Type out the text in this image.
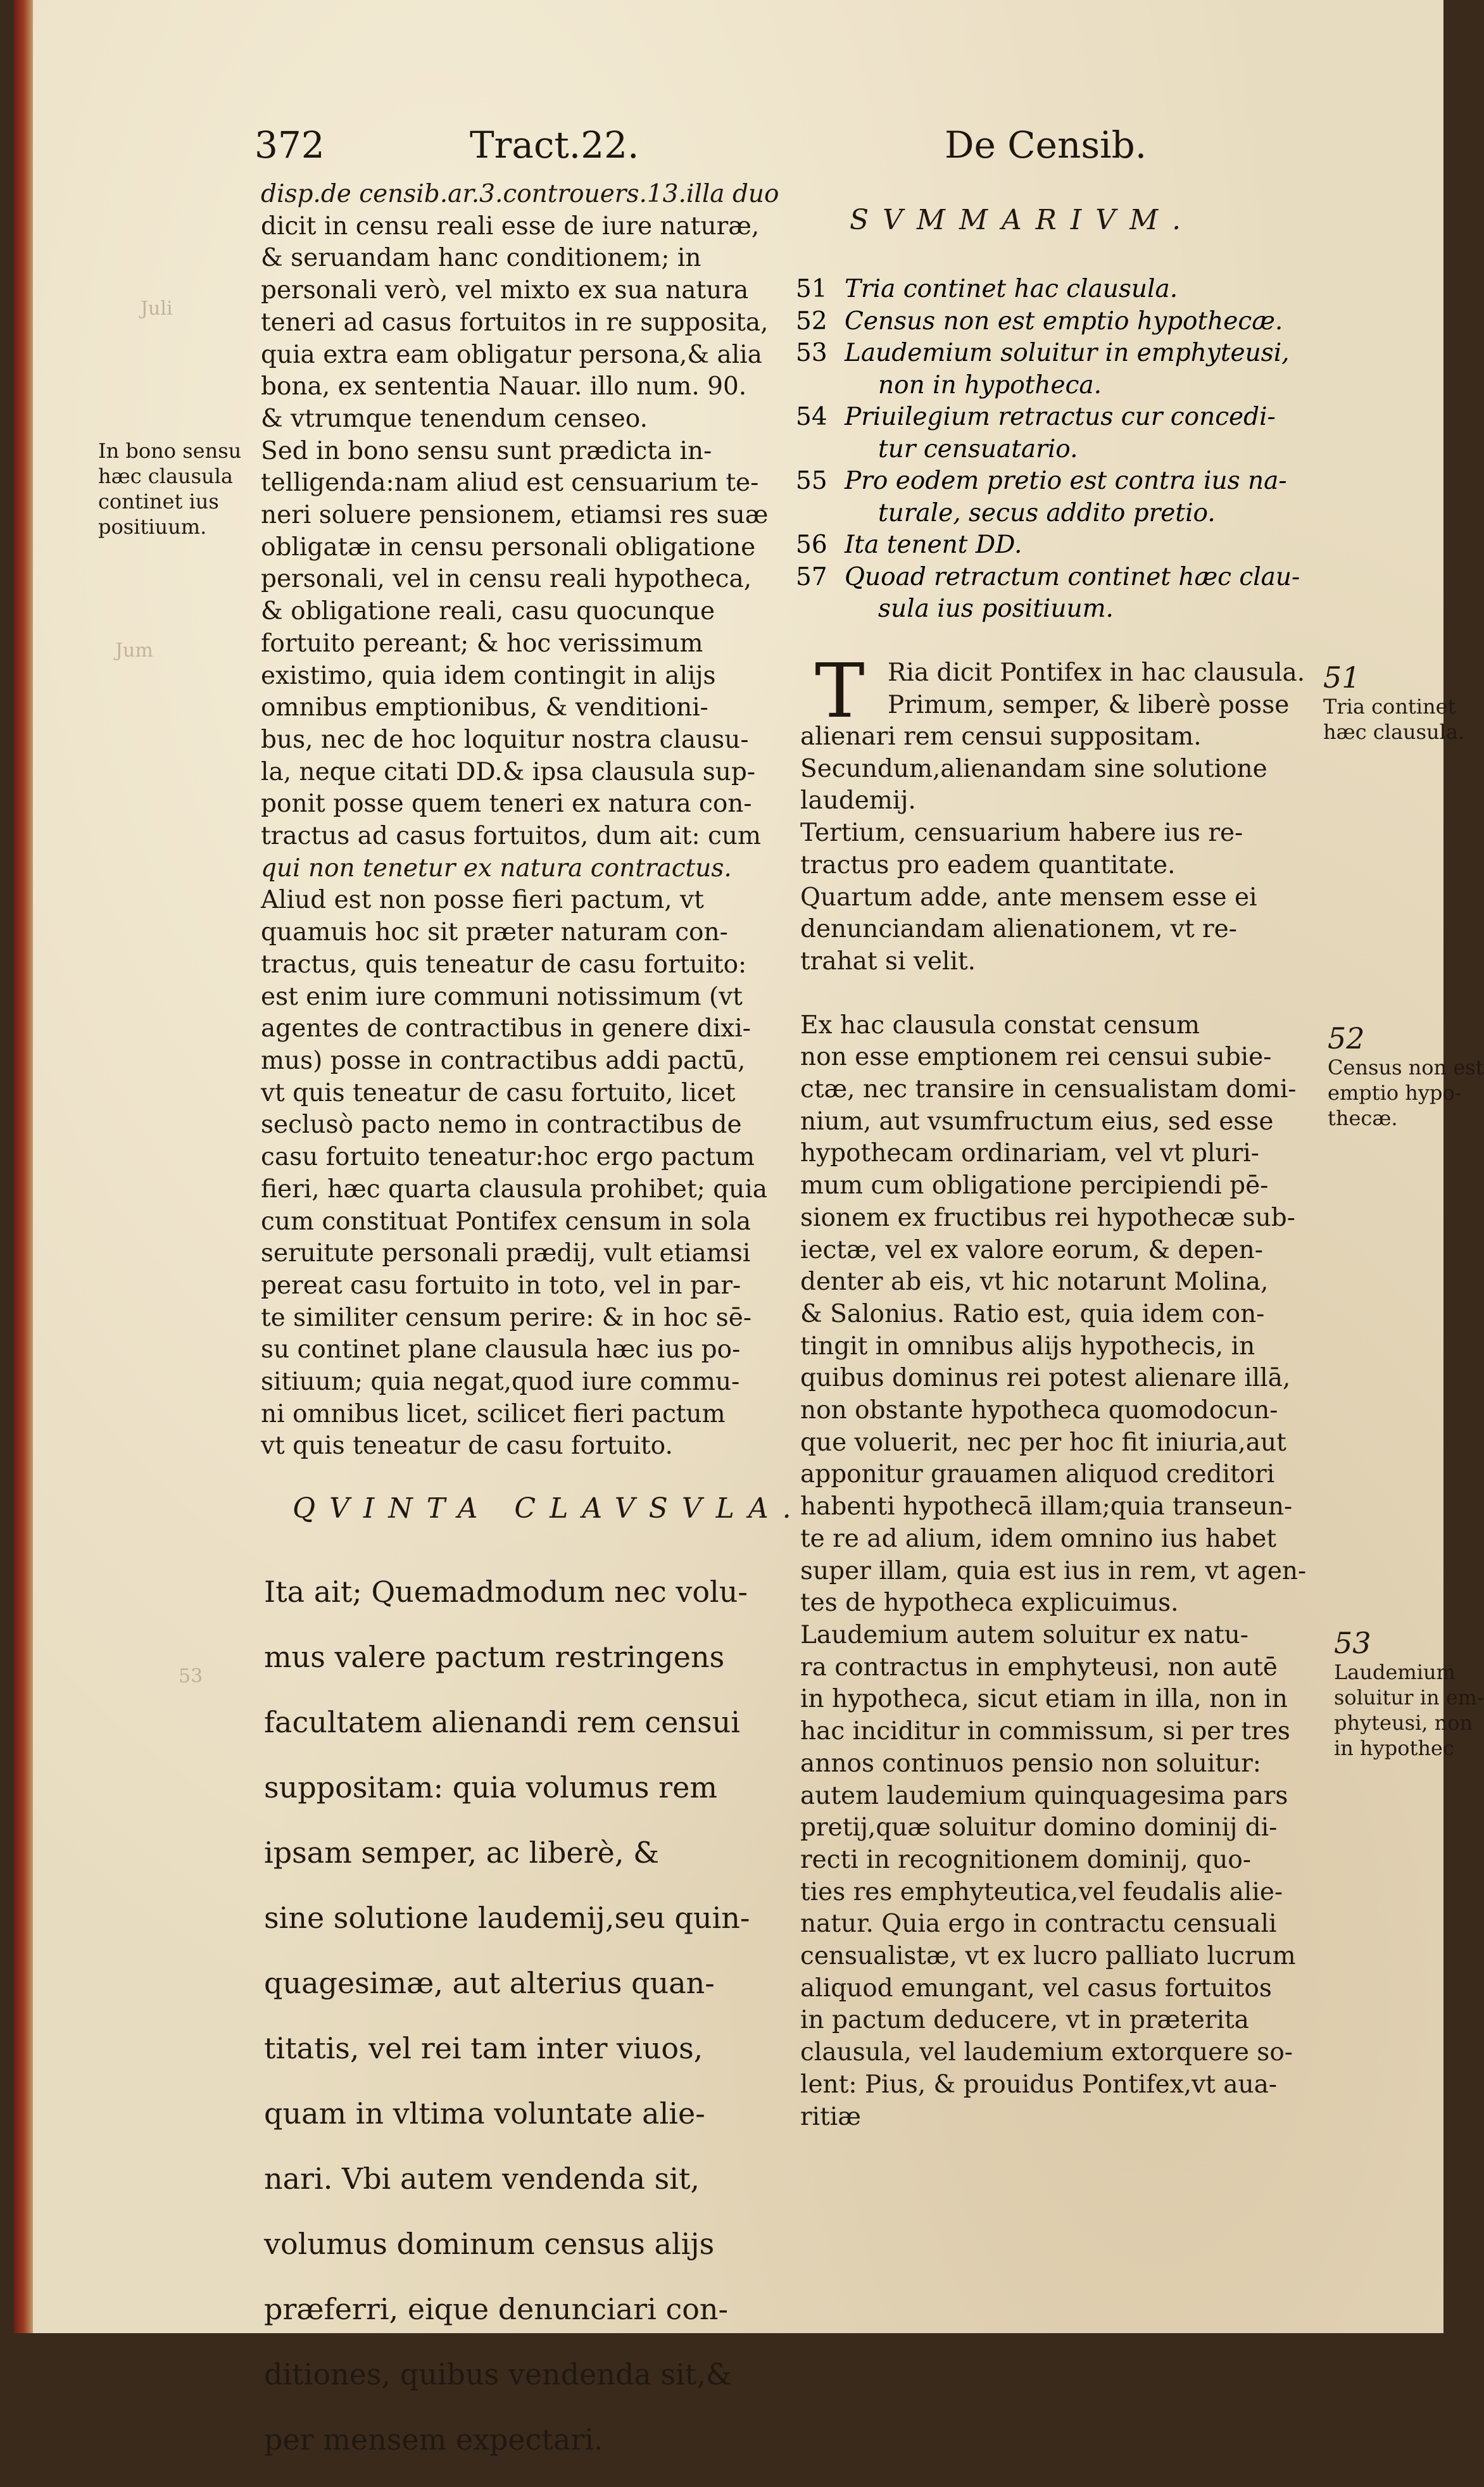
372	Tract.22.	De Censib.

In bono sensu

hæc clausula

continet ius

positiuum.

disp.de censib.ar.3.controuers.13.illa duo

dicit in censu reali esse de iure naturæ,

& seruandam hanc conditionem; in

personali verò, vel mixto ex sua natura

teneri ad casus fortuitos in re supposita,

quia extra eam obligatur persona,& alia

bona, ex sententia Nauar. illo num. 90.

& vtrumque tenendum censeo.

Sed in bono sensu sunt prædicta in-

telligenda:nam aliud est censuarium te-

neri soluere pensionem, etiamsi res suæ

obligatæ in censu personali obligatione

personali, vel in censu reali hypotheca,

& obligatione reali, casu quocunque

fortuito pereant; & hoc verissimum

existimo, quia idem contingit in alijs

omnibus emptionibus, & venditioni-

bus, nec de hoc loquitur nostra clausu-

la, neque citati DD.& ipsa clausula sup-

ponit posse quem teneri ex natura con-

tractus ad casus fortuitos, dum ait: cum

qui non tenetur ex natura contractus.

Aliud est non posse fieri pactum, vt

quamuis hoc sit præter naturam con-

tractus, quis teneatur de casu fortuito:

est enim iure communi notissimum (vt

agentes de contractibus in genere dixi-

mus) posse in contractibus addi pactū,

vt quis teneatur de casu fortuito, licet

seclusò pacto nemo in contractibus de

casu fortuito teneatur:hoc ergo pactum

fieri, hæc quarta clausula prohibet; quia

cum constituat Pontifex censum in sola

seruitute personali prædij, vult etiamsi

pereat casu fortuito in toto, vel in par-

te similiter censum perire: & in hoc sē-

su continet plane clausula hæc ius po-

sitiuum; quia negat,quod iure commu-

ni omnibus licet, scilicet fieri pactum

vt quis teneatur de casu fortuito.

QVINTA CLAVSVLA.

Ita ait; Quemadmodum nec volu-

mus valere pactum restringens

facultatem alienandi rem censui

suppositam: quia volumus rem

ipsam semper, ac liberè, &

sine solutione laudemij,seu quin-

quagesimæ, aut alterius quan-

titatis, vel rei tam inter viuos,

quam in vltima voluntate alie-

nari. Vbi autem vendenda sit,

volumus dominum census alijs

præferri, eique denunciari con-

ditiones, quibus vendenda sit,&

per mensem expectari.

SVMMARIVM.
51 Tria continet hac clausula.
52 Census non est emptio hypothecæ.
53 Laudemium soluitur in emphyteusi,
non in hypotheca.
54 Priuilegium retractus cur concedi-
tur censuatario.
55 Pro eodem pretio est contra ius na-
turale, secus addito pretio.
56 Ita tenent DD.
57 Quoad retractum continet hæc clau-
sula ius positiuum.
T Ria dicit Pontifex in hac clausula.

Primum, semper, & liberè posse

alienari rem censui suppositam.

Secundum,alienandam sine solutione

laudemij.

Tertium, censuarium habere ius re-

tractus pro eadem quantitate.

Quartum adde, ante mensem esse ei

denunciandam alienationem, vt re-

trahat si velit.

Ex hac clausula constat censum

non esse emptionem rei censui subie-

ctæ, nec transire in censualistam domi-

nium, aut vsumfructum eius, sed esse

hypothecam ordinariam, vel vt pluri-

mum cum obligatione percipiendi pē-

sionem ex fructibus rei hypothecæ sub-

iectæ, vel ex valore eorum, & depen-

denter ab eis, vt hic notarunt Molina,

& Salonius. Ratio est, quia idem con-

tingit in omnibus alijs hypothecis, in

quibus dominus rei potest alienare illā,

non obstante hypotheca quomodocun-

que voluerit, nec per hoc fit iniuria,aut

apponitur grauamen aliquod creditori

habenti hypothecā illam;quia transeun-

te re ad alium, idem omnino ius habet

super illam, quia est ius in rem, vt agen-

tes de hypotheca explicuimus.

Laudemium autem soluitur ex natu-

ra contractus in emphyteusi, non autē

in hypotheca, sicut etiam in illa, non in

hac inciditur in commissum, si per tres

annos continuos pensio non soluitur:

autem laudemium quinquagesima pars

pretij,quæ soluitur domino dominij di-

recti in recognitionem dominij, quo-

ties res emphyteutica,vel feudalis alie-

natur. Quia ergo in contractu censuali

censualistæ, vt ex lucro palliato lucrum

aliquod emungant, vel casus fortuitos

in pactum deducere, vt in præterita

clausula, vel laudemium extorquere so-

lent: Pius, & prouidus Pontifex,vt aua-

ritiæ

51

Tria continet

hæc clausula.

52

Census non est

emptio hypo-

thecæ.

53

Laudemium

soluitur in em-

phyteusi, non

in hypothec

Juli
Jum
53
